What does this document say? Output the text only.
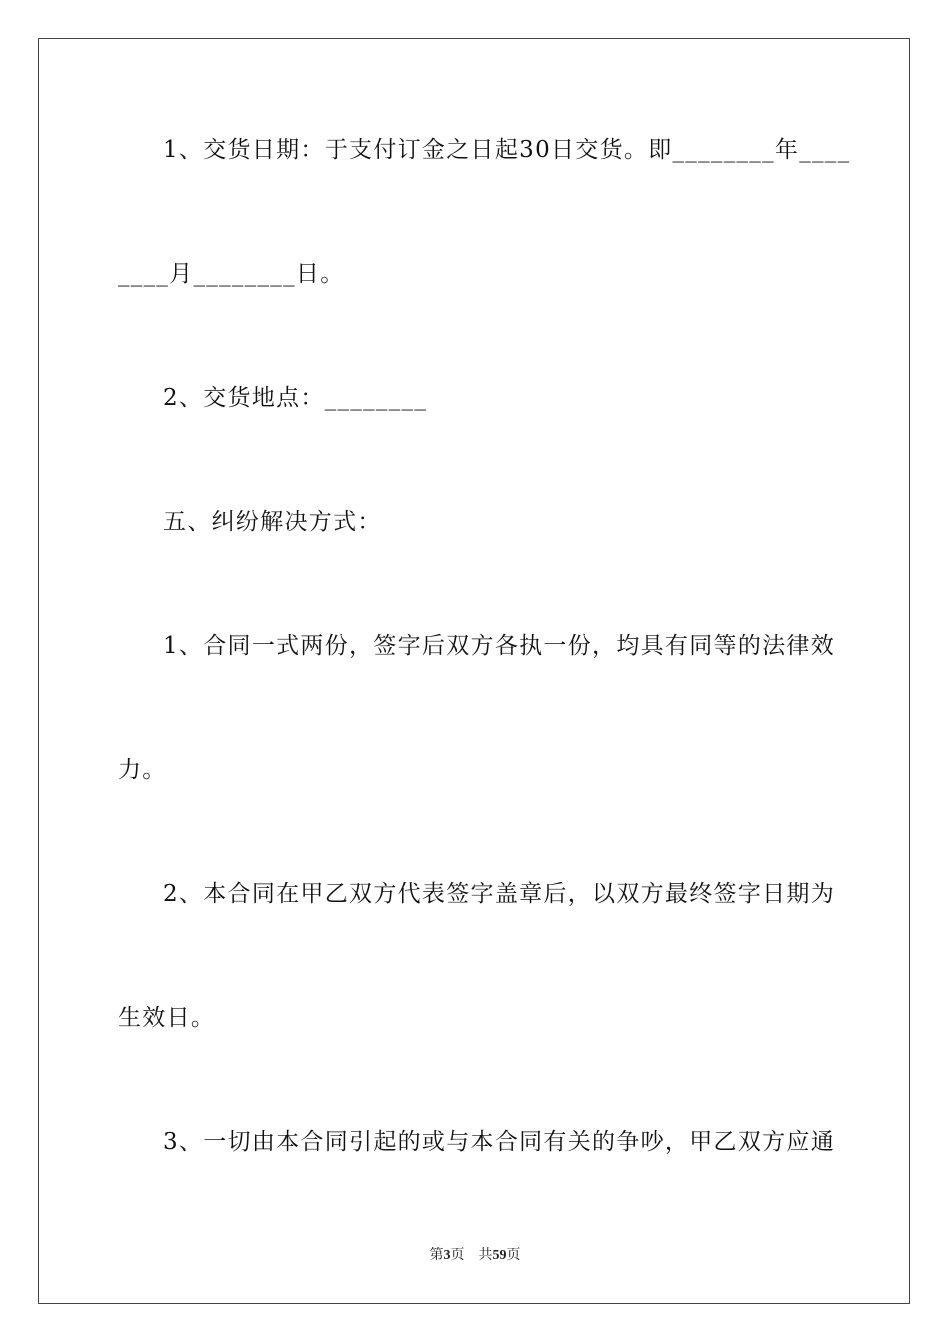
1、交货日期：于支付订金之日起30日交货。即________年____
____月________日。
2、交货地点：________
五、纠纷解决方式：
1、合同一式两份，签字后双方各执一份，均具有同等的法律效
力。
2、本合同在甲乙双方代表签字盖章后，以双方最终签字日期为
生效日。
3、一切由本合同引起的或与本合同有关的争吵，甲乙双方应通
第3页 共59页
